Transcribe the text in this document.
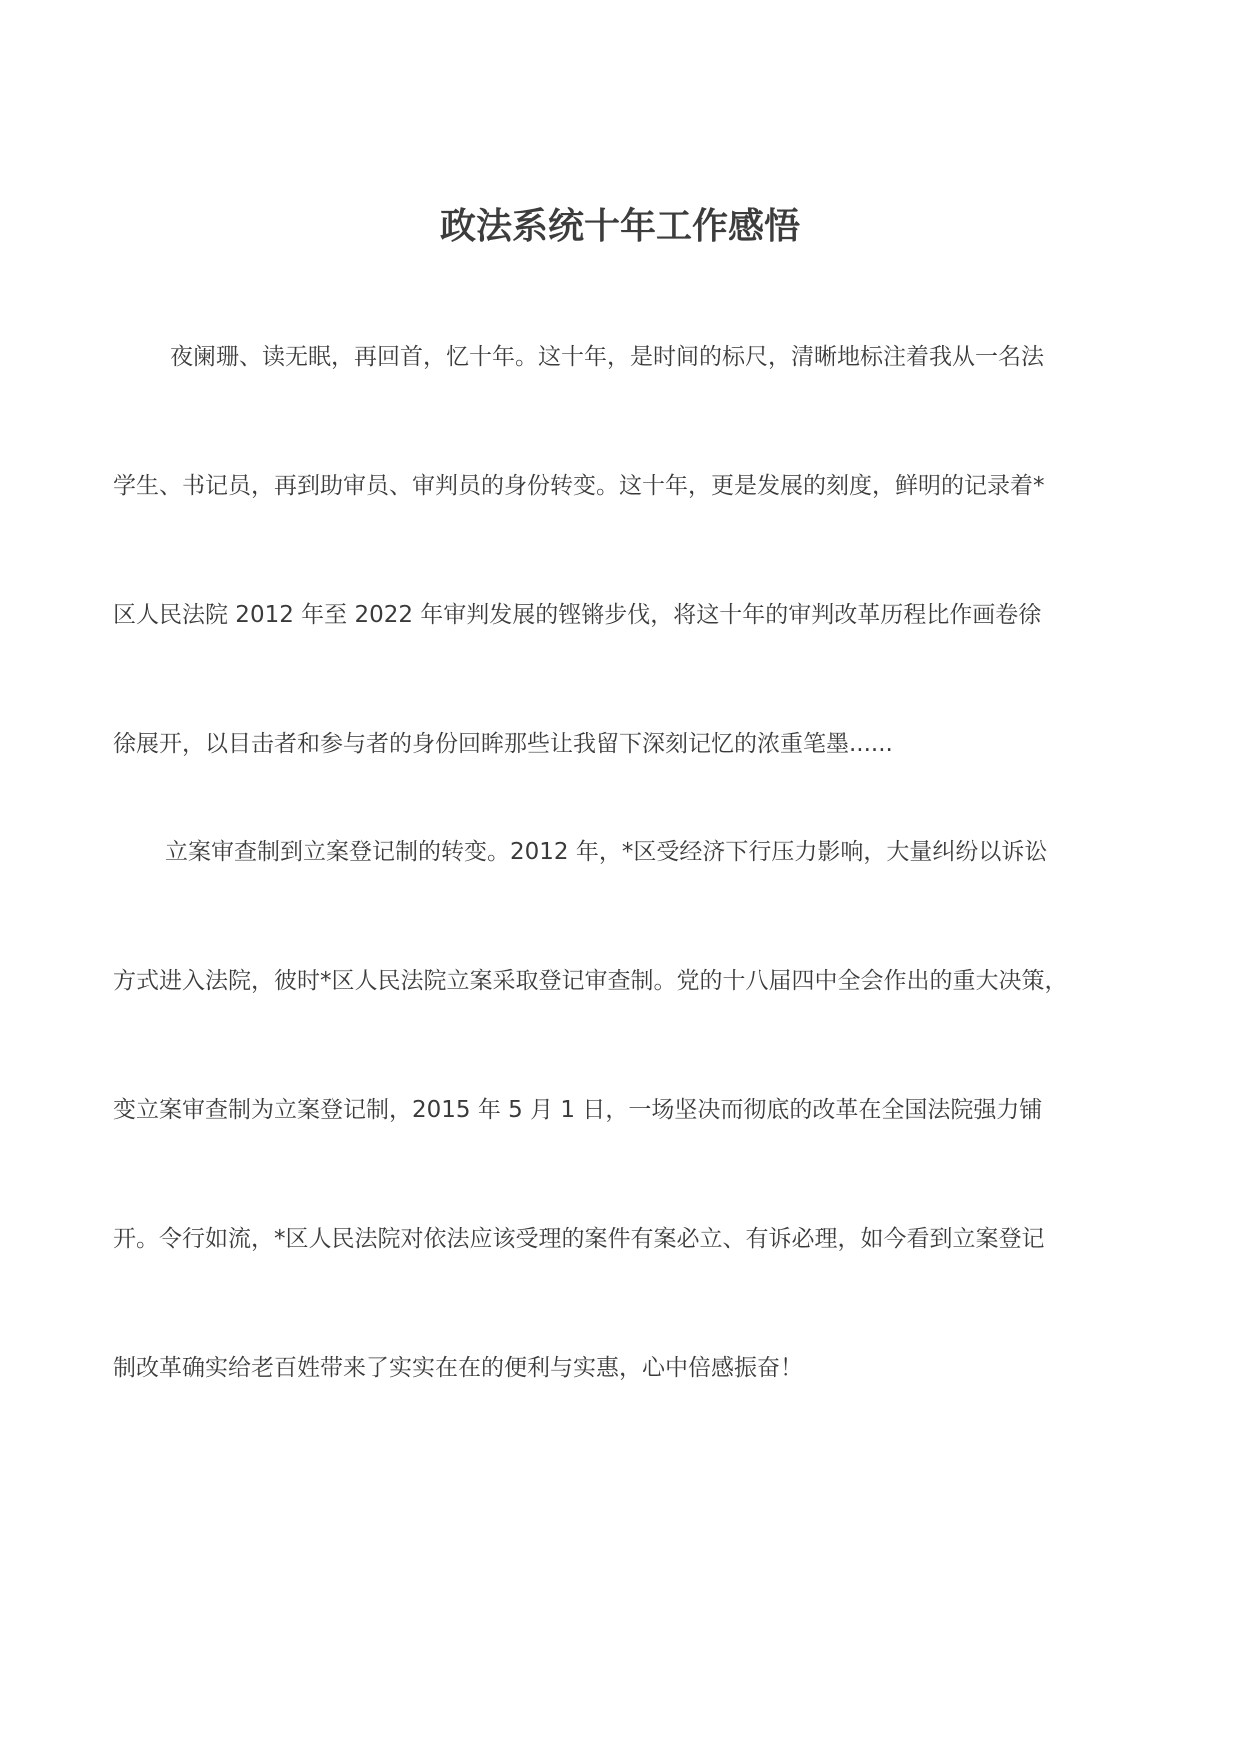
政法系统十年工作感悟

夜阑珊、读无眠，再回首，忆十年。这十年，是时间的标尺，清晰地标注着我从一名法

学生、书记员，再到助审员、审判员的身份转变。这十年，更是发展的刻度，鲜明的记录着*

区人民法院 2012 年至 2022 年审判发展的铿锵步伐，将这十年的审判改革历程比作画卷徐

徐展开，以目击者和参与者的身份回眸那些让我留下深刻记忆的浓重笔墨......

立案审查制到立案登记制的转变。2012 年，*区受经济下行压力影响，大量纠纷以诉讼

方式进入法院，彼时*区人民法院立案采取登记审查制。党的十八届四中全会作出的重大决策，

变立案审查制为立案登记制，2015 年 5 月 1 日，一场坚决而彻底的改革在全国法院强力铺

开。令行如流，*区人民法院对依法应该受理的案件有案必立、有诉必理，如今看到立案登记

制改革确实给老百姓带来了实实在在的便利与实惠，心中倍感振奋！
